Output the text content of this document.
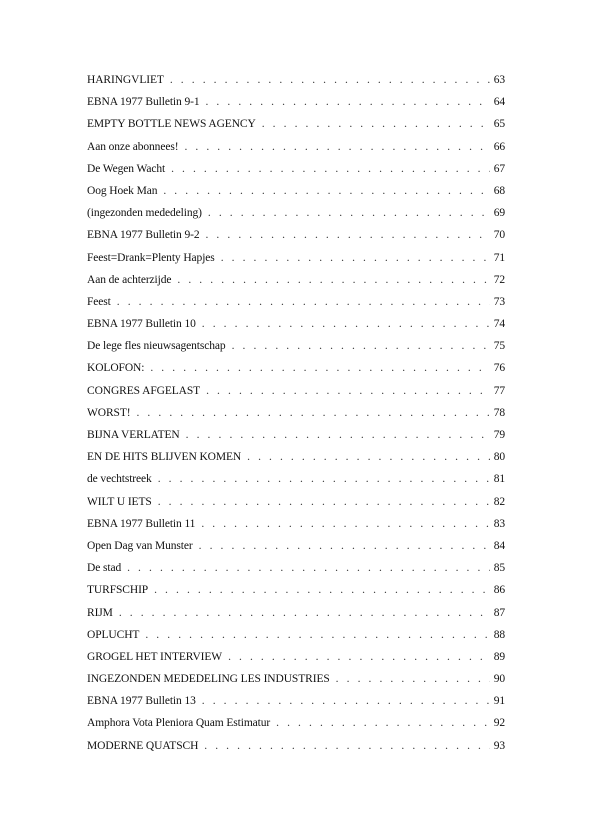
HARINGVLIET . . .	63
EBNA 1977 Bulletin 9-1 . . .	64
EMPTY BOTTLE NEWS AGENCY . . .	65
Aan onze abonnees! . . .	66
De Wegen Wacht . . .	67
Oog Hoek Man . . .	68
(ingezonden mededeling) . . .	69
EBNA 1977 Bulletin 9-2 . . .	70
Feest=Drank=Plenty Hapjes . . .	71
Aan de achterzijde . . .	72
Feest . . .	73
EBNA 1977 Bulletin 10 . . .	74
De lege fles nieuwsagentschap . . .	75
KOLOFON: . . .	76
CONGRES AFGELAST . . .	77
WORST! . . .	78
BIJNA VERLATEN . . .	79
EN DE HITS BLIJVEN KOMEN . . .	80
de vechtstreek . . .	81
WILT U IETS . . .	82
EBNA 1977 Bulletin 11 . . .	83
Open Dag van Munster . . .	84
De stad . . .	85
TURFSCHIP . . .	86
RIJM . . .	87
OPLUCHT . . .	88
GROGEL HET INTERVIEW . . .	89
INGEZONDEN MEDEDELING LES INDUSTRIES . . .	90
EBNA 1977 Bulletin 13 . . .	91
Amphora Vota Pleniora Quam Estimatur . . .	92
MODERNE QUATSCH . . .	93
